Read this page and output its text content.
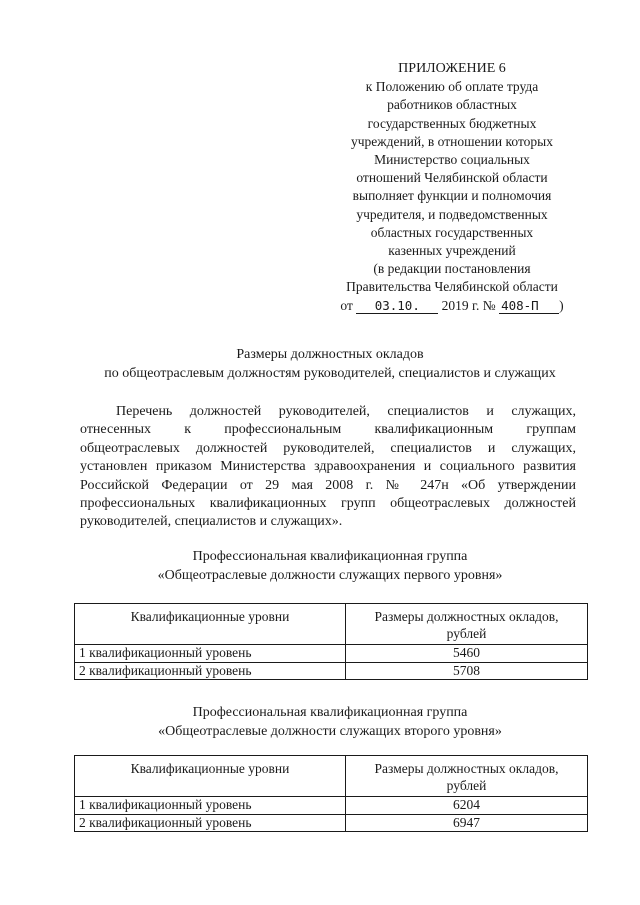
ПРИЛОЖЕНИЕ 6
к Положению об оплате труда
работников областных
государственных бюджетных
учреждений, в отношении которых
Министерство социальных
отношений Челябинской области
выполняет функции и полномочия
учредителя, и подведомственных
областных государственных
казенных учреждений
(в редакции постановления
Правительства Челябинской области
от 03.10. 2019 г. № 408-П )
Размеры должностных окладов
по общеотраслевым должностям руководителей, специалистов и служащих
Перечень должностей руководителей, специалистов и служащих,
отнесенных к профессиональным квалификационным группам
общеотраслевых должностей руководителей, специалистов и служащих,
установлен приказом Министерства здравоохранения и социального развития
Российской Федерации от 29 мая 2008 г. № 247н «Об утверждении
профессиональных квалификационных групп общеотраслевых должностей
руководителей, специалистов и служащих».
Профессиональная квалификационная группа
«Общеотраслевые должности служащих первого уровня»
Квалификационные уровни	Размеры должностных окладов,
рублей

1 квалификационный уровень	5460
2 квалификационный уровень	5708
Профессиональная квалификационная группа
«Общеотраслевые должности служащих второго уровня»
Квалификационные уровни	Размеры должностных окладов,
рублей

1 квалификационный уровень	6204
2 квалификационный уровень	6947
